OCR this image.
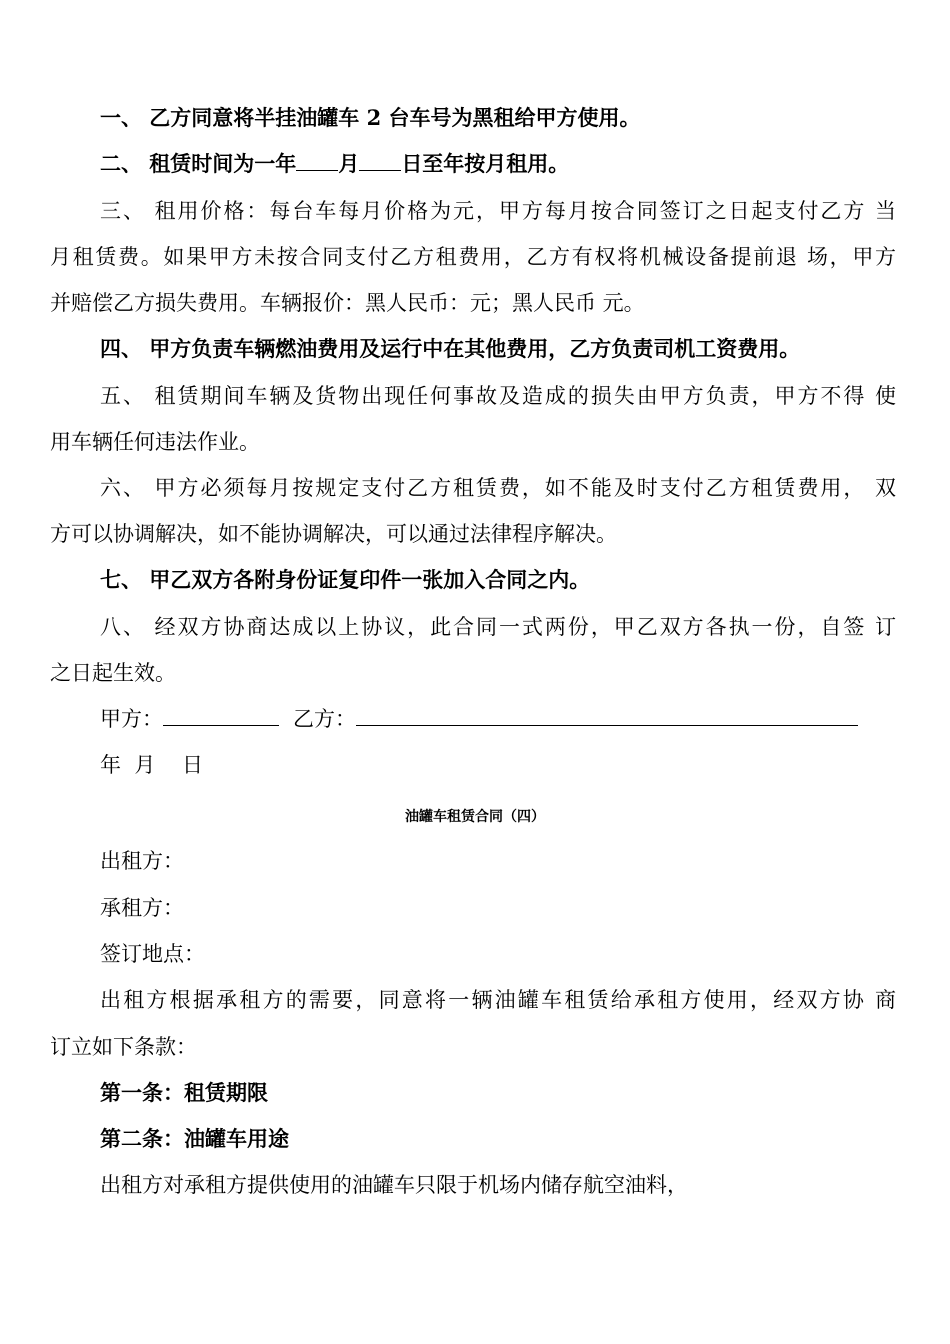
一、 乙方同意将半挂油罐车 2 台车号为黑租给甲方使用。
二、 租赁时间为一年 月 日至年按月租用。
三、 租用价格：每台车每月价格为元，甲方每月按合同签订之日起支付乙方 当
月租赁费。如果甲方未按合同支付乙方租费用，乙方有权将机械设备提前退 场，甲方
并赔偿乙方损失费用。车辆报价：黑人民币：元；黑人民币 元。
四、 甲方负责车辆燃油费用及运行中在其他费用，乙方负责司机工资费用。
五、 租赁期间车辆及货物出现任何事故及造成的损失由甲方负责，甲方不得 使
用车辆任何违法作业。
六、 甲方必须每月按规定支付乙方租赁费，如不能及时支付乙方租赁费用， 双
方可以协调解决，如不能协调解决，可以通过法律程序解决。
七、 甲乙双方各附身份证复印件一张加入合同之内。
八、 经双方协商达成以上协议，此合同一式两份，甲乙双方各执一份，自签 订
之日起生效。
甲方：	乙方：
年  月    日
油罐车租赁合同（四）
出租方：
承租方：
签订地点：
出租方根据承租方的需要，同意将一辆油罐车租赁给承租方使用，经双方协 商
订立如下条款：
第一条：租赁期限
第二条：油罐车用途
出租方对承租方提供使用的油罐车只限于机场内储存航空油料，
